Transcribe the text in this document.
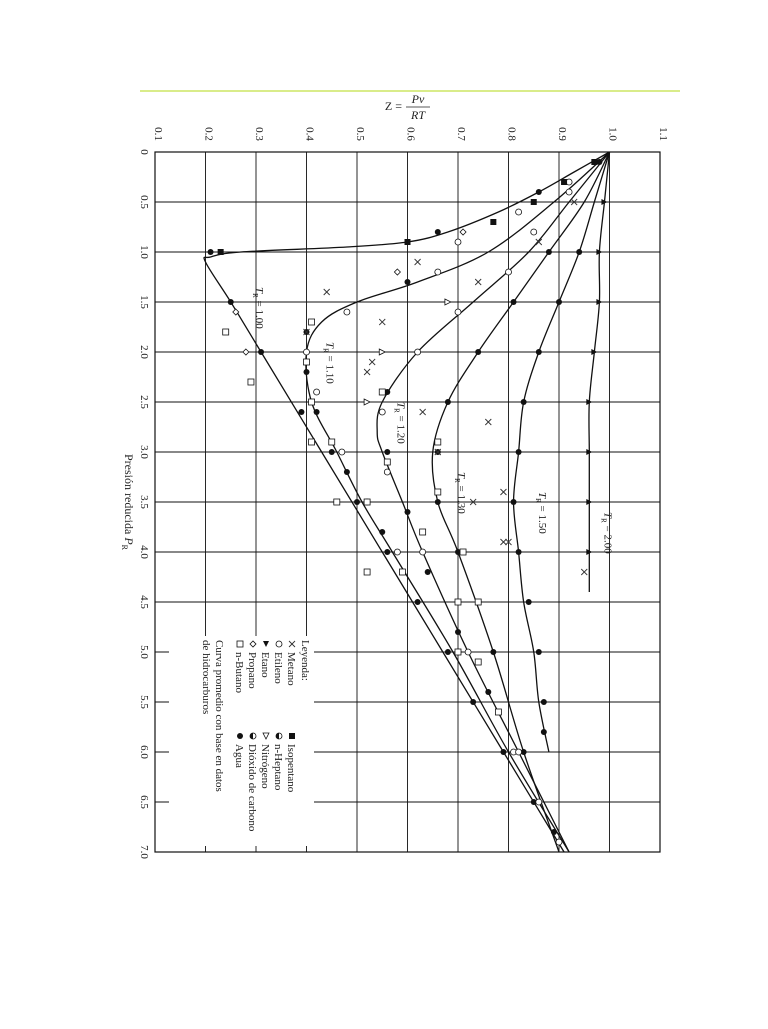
0.1	0.2	0.3	0.4	0.5	0.6	0.7	0.8	0.9	1.0	1.1
0
0.5
1.0
1.5
2.0
2.5
3.0
3.5
4.0
4.5
5.0
5.5
6.0
6.5
7.0
Z = Pv
RT
Presión reducida $P_R$
$T_R = 1.00$
$T_R = 1.10$
$T_R = 1.20$
$T_R = 1.30$	$T_R = 1.50$	$T_R = 2.00$
Leyenda:
Metano
Etileno
Etano
Propano
n-Butano
Isopentano
n-Heptano
Nitrógeno
Dióxido de carbono
Agua
Curva promedio con base en datos
de hidrocarburos
